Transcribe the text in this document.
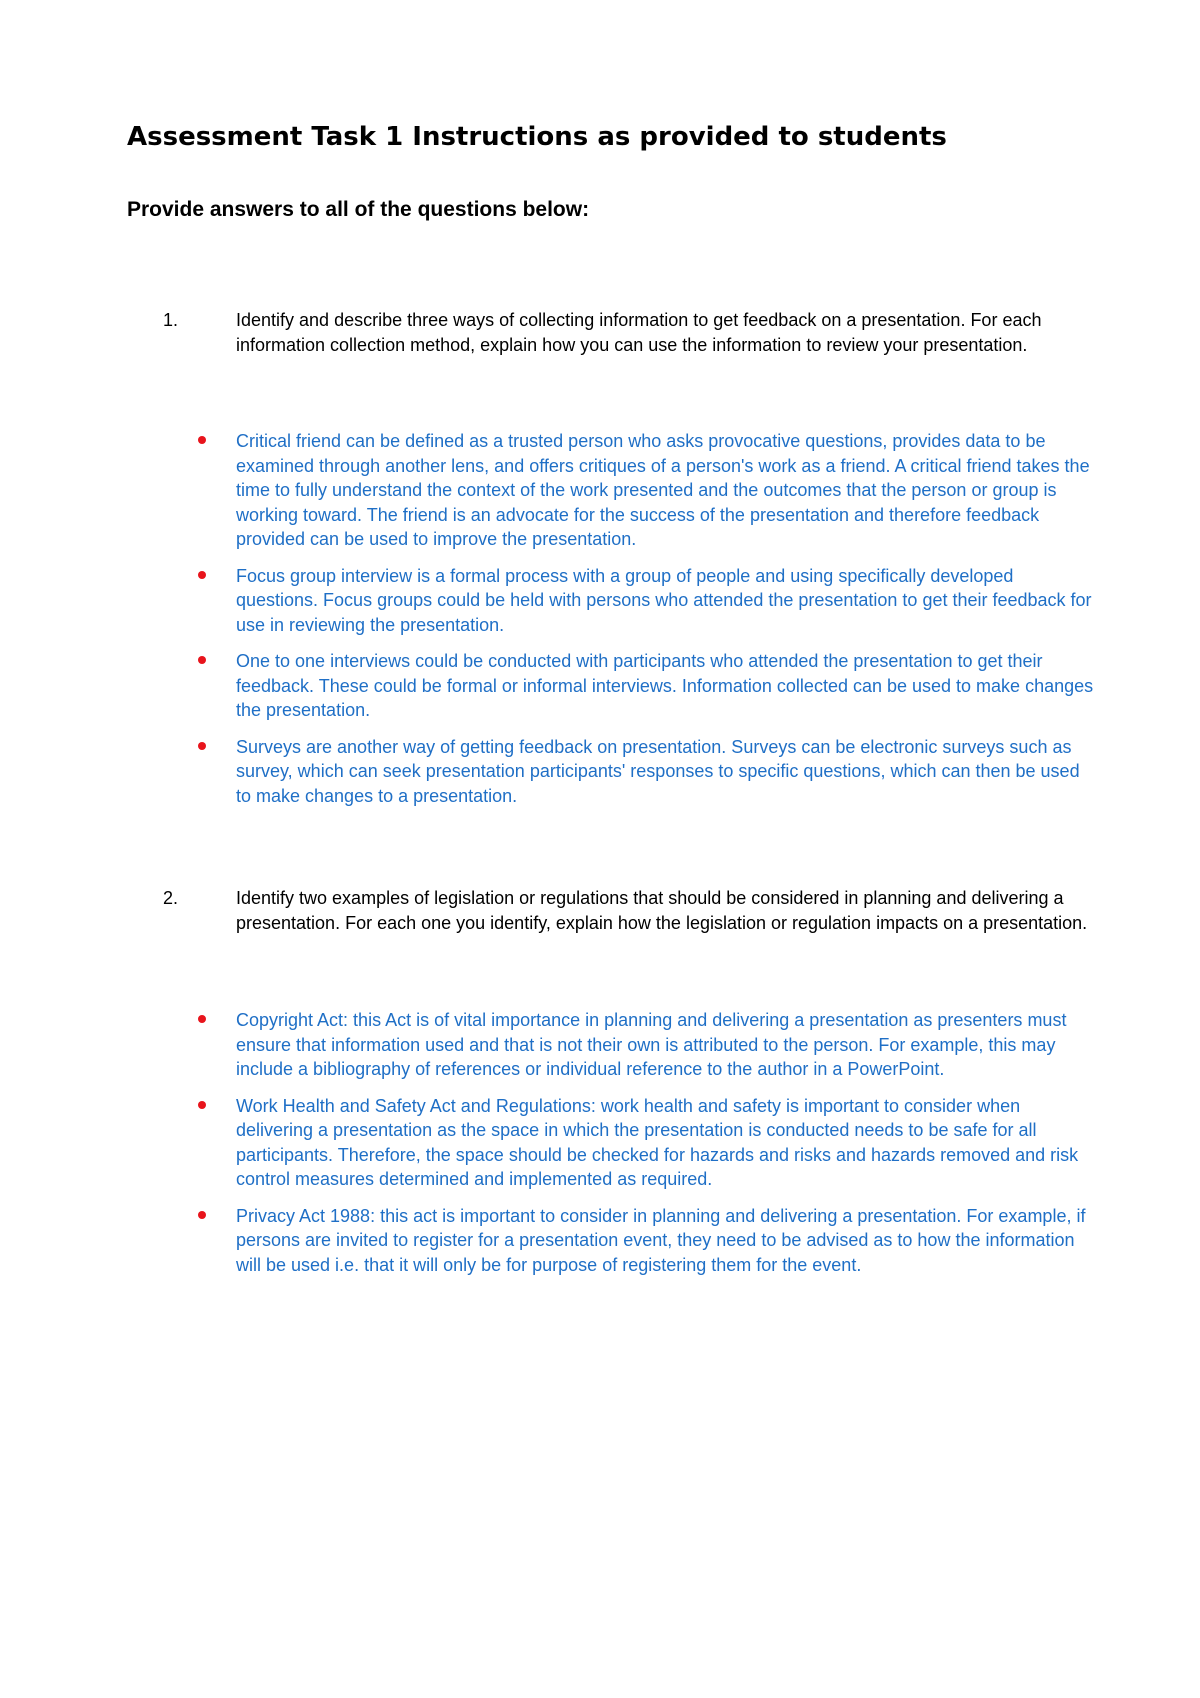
Assessment Task 1 Instructions as provided to students
Provide answers to all of the questions below:
1.	Identify and describe three ways of collecting information to get feedback on a presentation. For each information collection method, explain how you can use the information to review your presentation.

Critical friend can be defined as a trusted person who asks provocative questions, provides data to be examined through another lens, and offers critiques of a person's work as a friend. A critical friend takes the time to fully understand the context of the work presented and the outcomes that the person or group is working toward. The friend is an advocate for the success of the presentation and therefore feedback provided can be used to improve the presentation.
Focus group interview is a formal process with a group of people and using specifically developed questions. Focus groups could be held with persons who attended the presentation to get their feedback for use in reviewing the presentation.
One to one interviews could be conducted with participants who attended the presentation to get their feedback. These could be formal or informal interviews. Information collected can be used to make changes the presentation.
Surveys are another way of getting feedback on presentation. Surveys can be electronic surveys such as survey, which can seek presentation participants' responses to specific questions, which can then be used to make changes to a presentation.
2.	Identify two examples of legislation or regulations that should be considered in planning and delivering a presentation. For each one you identify, explain how the legislation or regulation impacts on a presentation.

Copyright Act: this Act is of vital importance in planning and delivering a presentation as presenters must ensure that information used and that is not their own is attributed to the person. For example, this may include a bibliography of references or individual reference to the author in a PowerPoint.
Work Health and Safety Act and Regulations: work health and safety is important to consider when delivering a presentation as the space in which the presentation is conducted needs to be safe for all participants. Therefore, the space should be checked for hazards and risks and hazards removed and risk control measures determined and implemented as required.
Privacy Act 1988: this act is important to consider in planning and delivering a presentation. For example, if persons are invited to register for a presentation event, they need to be advised as to how the information will be used i.e. that it will only be for purpose of registering them for the event.
